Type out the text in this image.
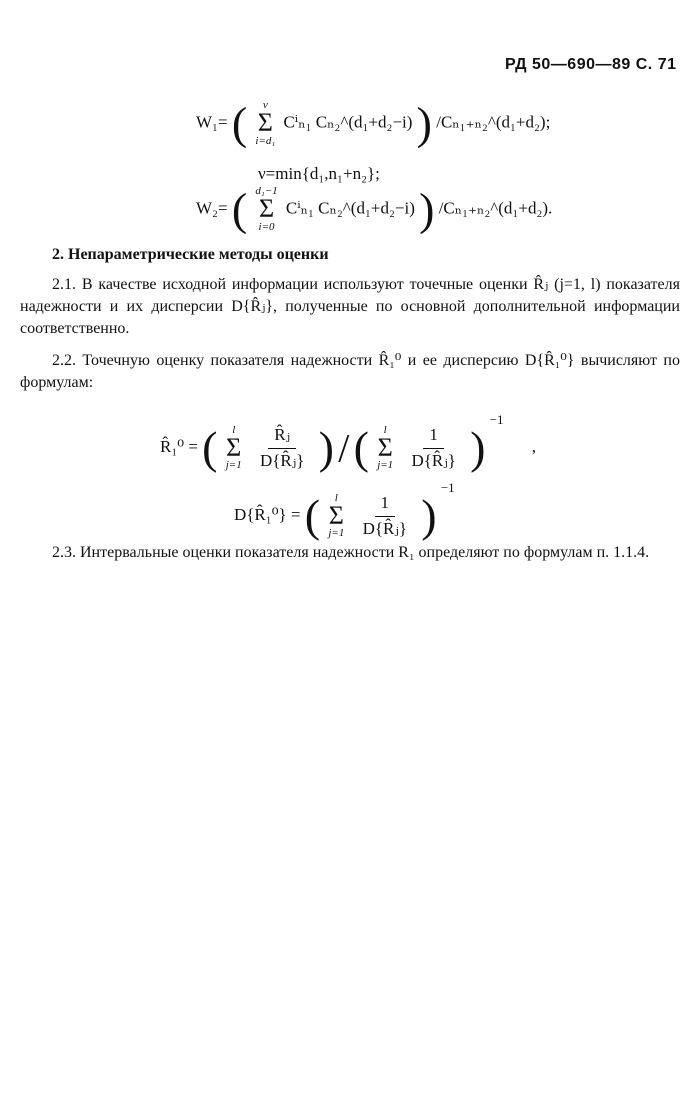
РД 50—690—89 С. 71
W₁= ( ν
Σ
i=d₁
Cⁱₙ₁ Cₙ₂^(d₁+d₂−i) ) /Cₙ₁₊ₙ₂^(d₁+d₂);
ν=min{d₁,n₁+n₂};
W₂= ( d₁−1
Σ
i=0
Cⁱₙ₁ Cₙ₂^(d₁+d₂−i) ) /Cₙ₁₊ₙ₂^(d₁+d₂).
2. Непараметрические методы оценки

2.1. В качестве исходной информации используют точечные оценки R̂ⱼ (j=1, l) показателя надежности и их дисперсии D{R̂ⱼ}, полученные по основной дополнительной информации соответственно.

2.2. Точечную оценку показателя надежности R̂₁⁰ и ее дисперсию D{R̂₁⁰} вычисляют по формулам:

R̂₁⁰ = ( l
Σ
j=1
$\frac{\text{R̂ⱼ}}{\text{D\{R̂ⱼ\}}}$ ) / ( l
Σ
j=1
$\frac{1}{\text{D\{R̂ⱼ\}}}$ ) $^{-1}$ ,
D{R̂₁⁰} = ( l
Σ
j=1
$\frac{1}{\text{D\{R̂ⱼ\}}}$ ) $^{-1}$

2.3. Интервальные оценки показателя надежности R₁ определяют по формулам п. 1.1.4.
